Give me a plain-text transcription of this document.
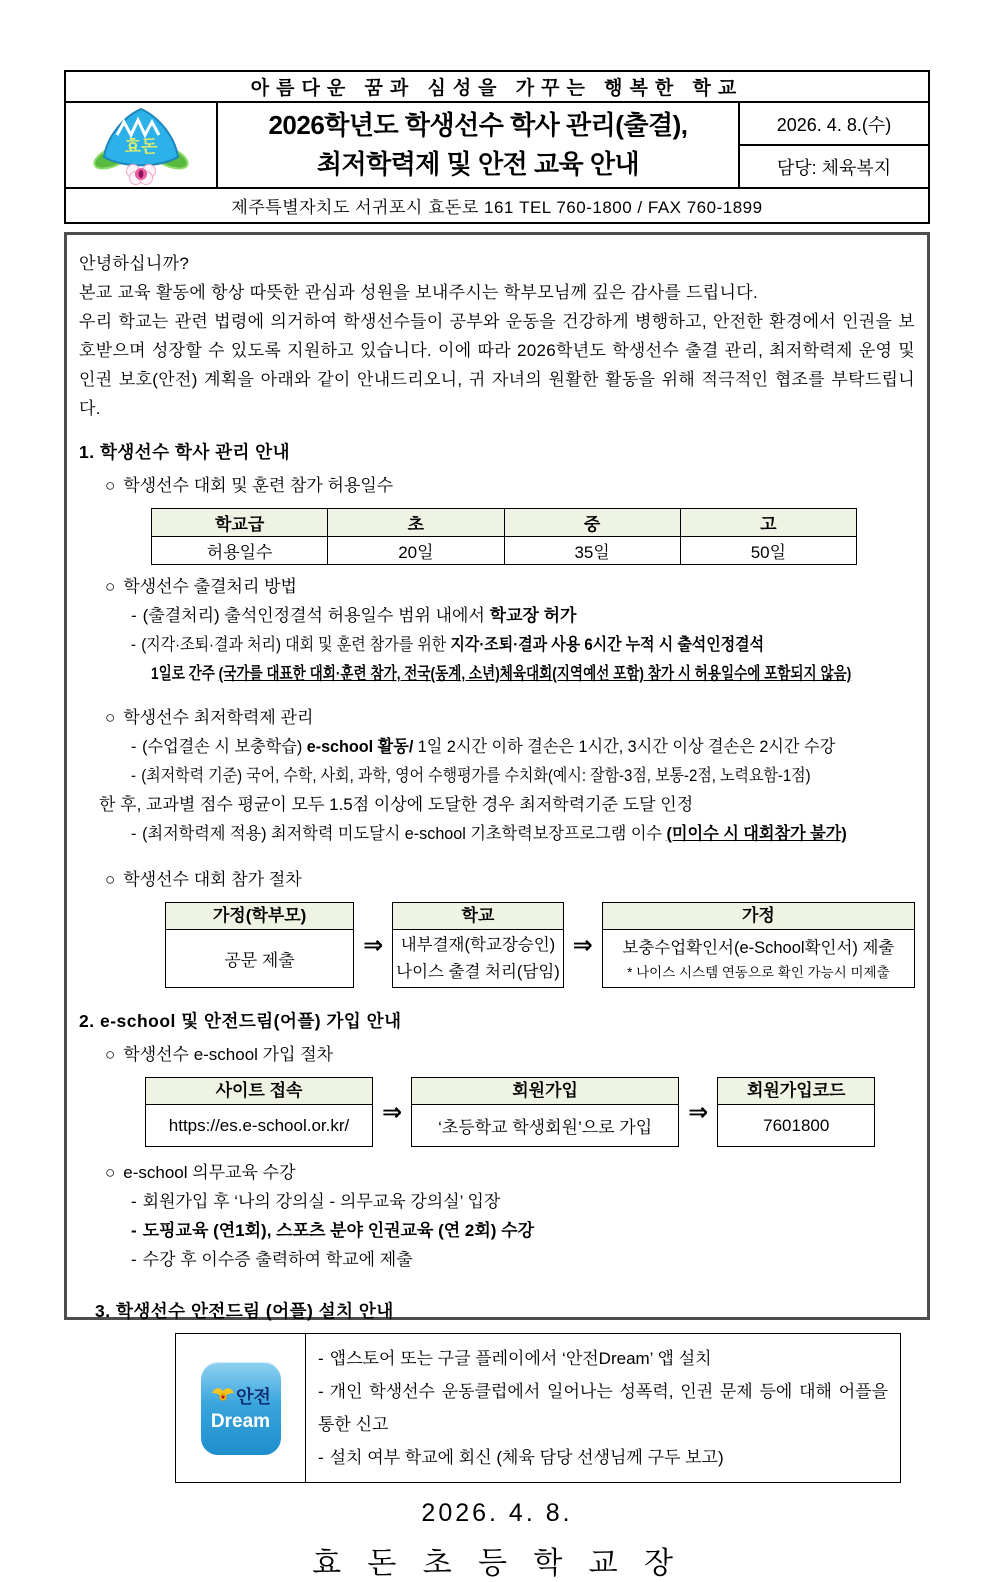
아름다운 꿈과 심성을 가꾸는 행복한 학교
효돈
2026학년도 학생선수 학사 관리(출결),
최저학력제 및 안전 교육 안내
2026. 4. 8.(수)
담당: 체육복지
제주특별자치도 서귀포시 효돈로 161 TEL 760-1800 / FAX 760-1899
안녕하십니까?
본교 교육 활동에 항상 따뜻한 관심과 성원을 보내주시는 학부모님께 깊은 감사를 드립니다.
우리 학교는 관련 법령에 의거하여 학생선수들이 공부와 운동을 건강하게 병행하고, 안전한 환경에서 인권을 보호받으며 성장할 수 있도록 지원하고 있습니다. 이에 따라 2026학년도 학생선수 출결 관리, 최저학력제 운영 및 인권 보호(안전) 계획을 아래와 같이 안내드리오니, 귀 자녀의 원활한 활동을 위해 적극적인 협조를 부탁드립니다.
1. 학생선수 학사 관리 안내
○ 학생선수 대회 및 훈련 참가 허용일수
학교급	초	중	고
허용일수	20일	35일	50일
○ 학생선수 출결처리 방법
- (출결처리) 출석인정결석 허용일수 범위 내에서 학교장 허가
- (지각·조퇴·결과 처리) 대회 및 훈련 참가를 위한 지각·조퇴·결과 사용 6시간 누적 시 출석인정결석
1일로 간주 (국가를 대표한 대회·훈련 참가, 전국(동계, 소년)체육대회(지역예선 포함) 참가 시 허용일수에 포함되지 않음)
○ 학생선수 최저학력제 관리
- (수업결손 시 보충학습) e-school 활동/ 1일 2시간 이하 결손은 1시간, 3시간 이상 결손은 2시간 수강
- (최저학력 기준) 국어, 수학, 사회, 과학, 영어 수행평가를 수치화(예시: 잘함-3점, 보통-2점, 노력요함-1점)
한 후, 교과별 점수 평균이 모두 1.5점 이상에 도달한 경우 최저학력기준 도달 인정
- (최저학력제 적용) 최저학력 미도달시 e-school 기초학력보장프로그램 이수 (미이수 시 대회참가 불가)
○ 학생선수 대회 참가 절차
가정(학부모)
공문 제출
⇒
학교
내부결재(학교장승인)
나이스 출결 처리(담임)
⇒
가정
보충수업확인서(e-School확인서) 제출
* 나이스 시스템 연동으로 확인 가능시 미제출
2. e-school 및 안전드림(어플) 가입 안내
○ 학생선수 e-school 가입 절차
사이트 접속
https://es.e-school.or.kr/ ⇒
회원가입
‘초등학교 학생회원’으로 가입
⇒
회원가입코드
7601800
○ e-school 의무교육 수강
- 회원가입 후 ‘나의 강의실 - 의무교육 강의실’ 입장
- 도핑교육 (연1회), 스포츠 분야 인권교육 (연 2회) 수강
- 수강 후 이수증 출력하여 학교에 제출
3. 학생선수 안전드림 (어플) 설치 안내
안전
Dream
- 앱스토어 또는 구글 플레이에서 ‘안전Dream’ 앱 설치
- 개인 학생선수 운동클럽에서 일어나는 성폭력, 인권 문제 등에 대해 어플을 통한 신고
- 설치 여부 학교에 회신 (체육 담당 선생님께 구두 보고)
2026. 4. 8.
효 돈 초 등 학 교 장
